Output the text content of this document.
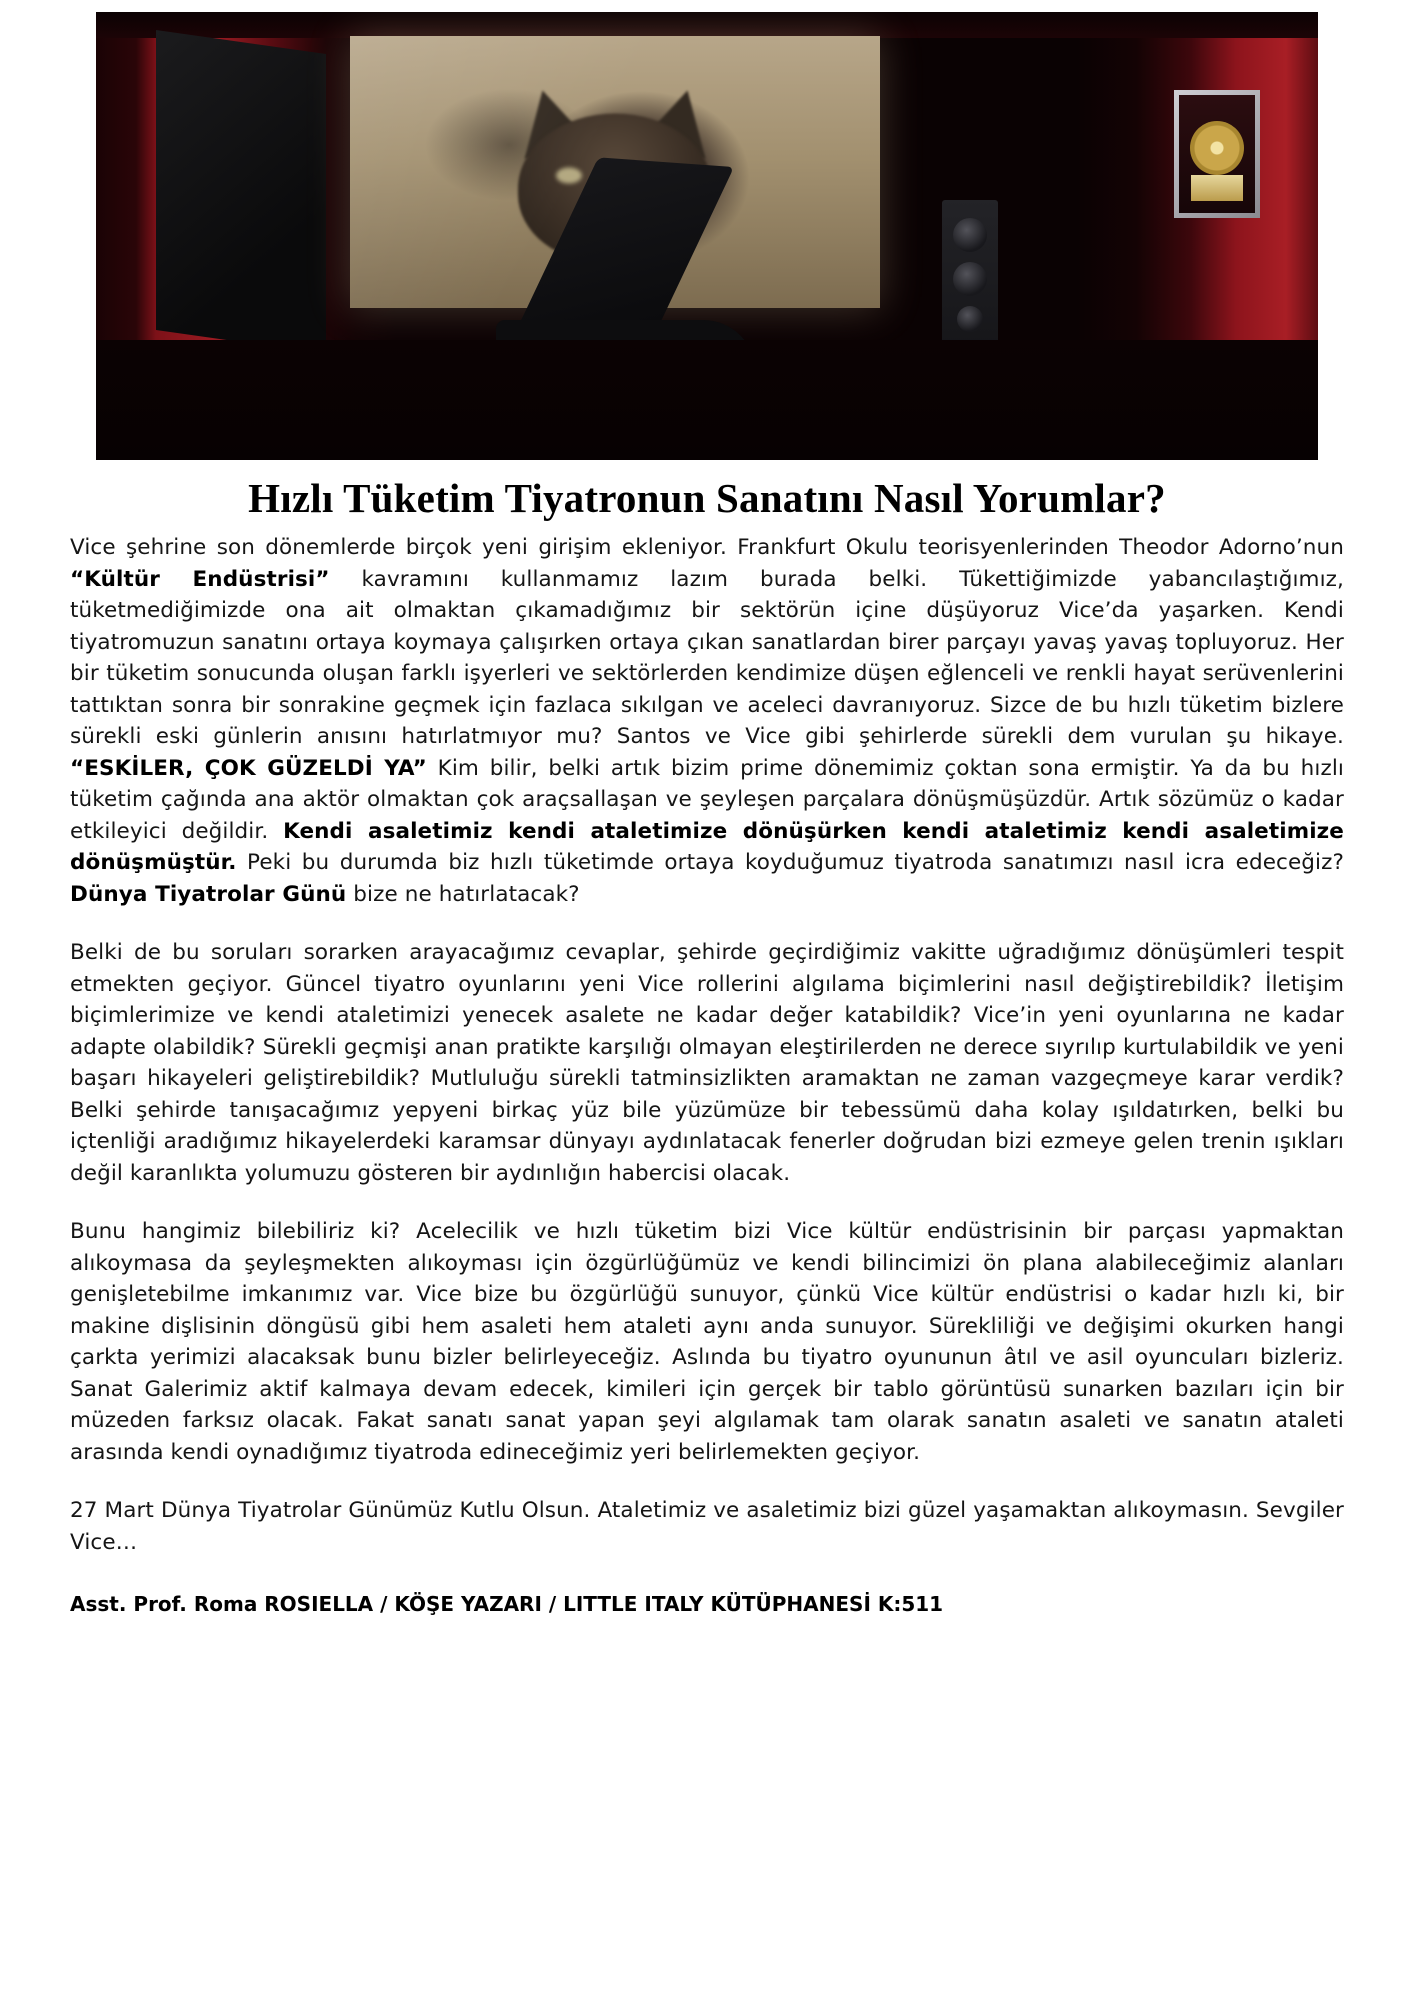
Hızlı Tüketim Tiyatronun Sanatını Nasıl Yorumlar?

Vice şehrine son dönemlerde birçok yeni girişim ekleniyor. Frankfurt Okulu teorisyenlerinden Theodor Adorno’nun “Kültür Endüstrisi” kavramını kullanmamız lazım burada belki. Tükettiğimizde yabancılaştığımız, tüketmediğimizde ona ait olmaktan çıkamadığımız bir sektörün içine düşüyoruz Vice’da yaşarken. Kendi tiyatromuzun sanatını ortaya koymaya çalışırken ortaya çıkan sanatlardan birer parçayı yavaş yavaş topluyoruz. Her bir tüketim sonucunda oluşan farklı işyerleri ve sektörlerden kendimize düşen eğlenceli ve renkli hayat serüvenlerini tattıktan sonra bir sonrakine geçmek için fazlaca sıkılgan ve aceleci davranıyoruz. Sizce de bu hızlı tüketim bizlere sürekli eski günlerin anısını hatırlatmıyor mu? Santos ve Vice gibi şehirlerde sürekli dem vurulan şu hikaye. “ESKİLER, ÇOK GÜZELDİ YA” Kim bilir, belki artık bizim prime dönemimiz çoktan sona ermiştir. Ya da bu hızlı tüketim çağında ana aktör olmaktan çok araçsallaşan ve şeyleşen parçalara dönüşmüşüzdür. Artık sözümüz o kadar etkileyici değildir. Kendi asaletimiz kendi ataletimize dönüşürken kendi ataletimiz kendi asaletimize dönüşmüştür. Peki bu durumda biz hızlı tüketimde ortaya koyduğumuz tiyatroda sanatımızı nasıl icra edeceğiz? Dünya Tiyatrolar Günü bize ne hatırlatacak?

Belki de bu soruları sorarken arayacağımız cevaplar, şehirde geçirdiğimiz vakitte uğradığımız dönüşümleri tespit etmekten geçiyor. Güncel tiyatro oyunlarını yeni Vice rollerini algılama biçimlerini nasıl değiştirebildik? İletişim biçimlerimize ve kendi ataletimizi yenecek asalete ne kadar değer katabildik? Vice’in yeni oyunlarına ne kadar adapte olabildik? Sürekli geçmişi anan pratikte karşılığı olmayan eleştirilerden ne derece sıyrılıp kurtulabildik ve yeni başarı hikayeleri geliştirebildik? Mutluluğu sürekli tatminsizlikten aramaktan ne zaman vazgeçmeye karar verdik? Belki şehirde tanışacağımız yepyeni birkaç yüz bile yüzümüze bir tebessümü daha kolay ışıldatırken, belki bu içtenliği aradığımız hikayelerdeki karamsar dünyayı aydınlatacak fenerler doğrudan bizi ezmeye gelen trenin ışıkları değil karanlıkta yolumuzu gösteren bir aydınlığın habercisi olacak.

Bunu hangimiz bilebiliriz ki? Acelecilik ve hızlı tüketim bizi Vice kültür endüstrisinin bir parçası yapmaktan alıkoymasa da şeyleşmekten alıkoyması için özgürlüğümüz ve kendi bilincimizi ön plana alabileceğimiz alanları genişletebilme imkanımız var. Vice bize bu özgürlüğü sunuyor, çünkü Vice kültür endüstrisi o kadar hızlı ki, bir makine dişlisinin döngüsü gibi hem asaleti hem ataleti aynı anda sunuyor. Sürekliliği ve değişimi okurken hangi çarkta yerimizi alacaksak bunu bizler belirleyeceğiz. Aslında bu tiyatro oyununun âtıl ve asil oyuncuları bizleriz. Sanat Galerimiz aktif kalmaya devam edecek, kimileri için gerçek bir tablo görüntüsü sunarken bazıları için bir müzeden farksız olacak. Fakat sanatı sanat yapan şeyi algılamak tam olarak sanatın asaleti ve sanatın ataleti arasında kendi oynadığımız tiyatroda edineceğimiz yeri belirlemekten geçiyor.

27 Mart Dünya Tiyatrolar Günümüz Kutlu Olsun. Ataletimiz ve asaletimiz bizi güzel yaşamaktan alıkoymasın. Sevgiler Vice…

Asst. Prof. Roma ROSIELLA / KÖŞE YAZARI / LITTLE ITALY KÜTÜPHANESİ K:511
